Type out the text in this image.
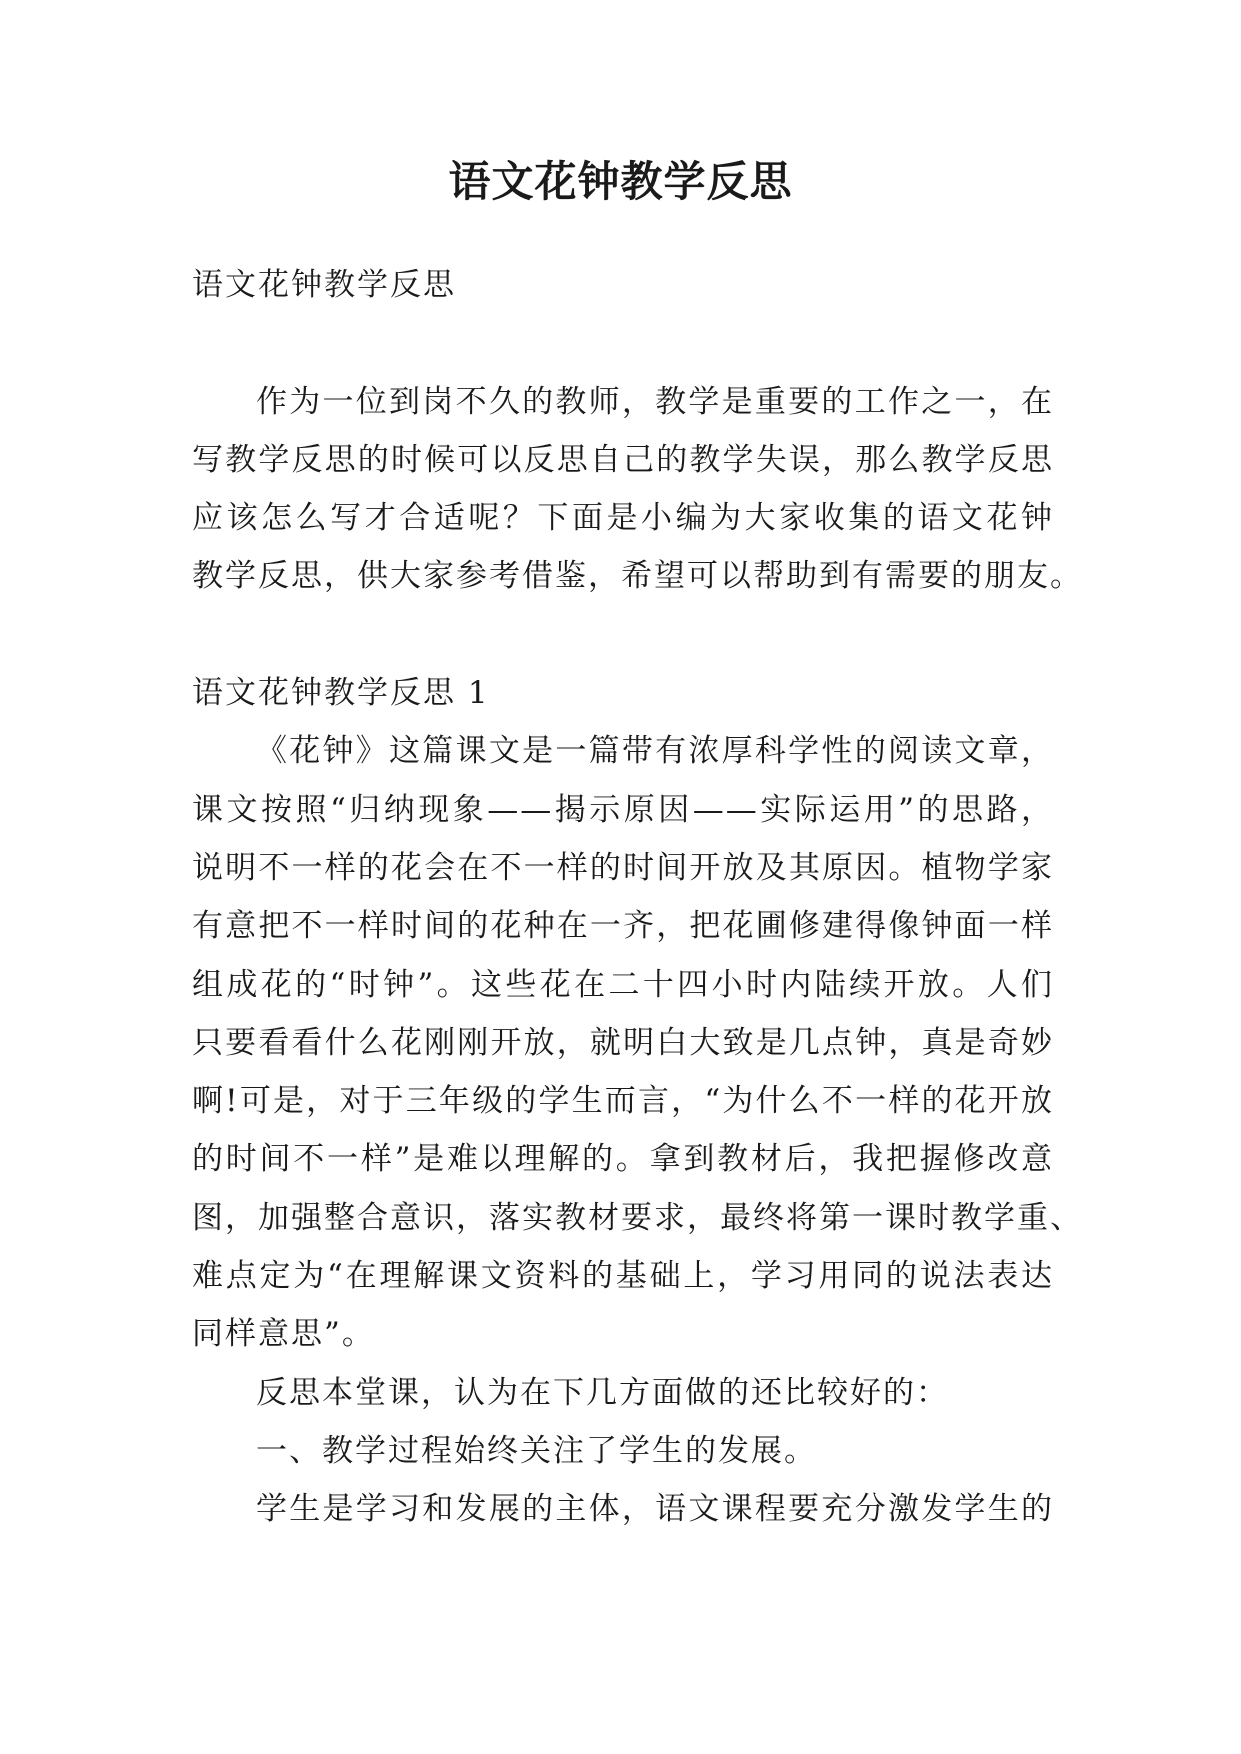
语文花钟教学反思
语文花钟教学反思
作为一位到岗不久的教师，教学是重要的工作之一，在
写教学反思的时候可以反思自己的教学失误，那么教学反思
应该怎么写才合适呢？下面是小编为大家收集的语文花钟
教学反思，供大家参考借鉴，希望可以帮助到有需要的朋友。
语文花钟教学反思 1
《花钟》这篇课文是一篇带有浓厚科学性的阅读文章，
课文按照“归纳现象——揭示原因——实际运用”的思路，
说明不一样的花会在不一样的时间开放及其原因。植物学家
有意把不一样时间的花种在一齐，把花圃修建得像钟面一样
组成花的“时钟”。这些花在二十四小时内陆续开放。人们
只要看看什么花刚刚开放，就明白大致是几点钟，真是奇妙
啊!可是，对于三年级的学生而言，“为什么不一样的花开放
的时间不一样”是难以理解的。拿到教材后，我把握修改意
图，加强整合意识，落实教材要求，最终将第一课时教学重、
难点定为“在理解课文资料的基础上，学习用同的说法表达
同样意思”。
反思本堂课，认为在下几方面做的还比较好的：
一、教学过程始终关注了学生的发展。
学生是学习和发展的主体，语文课程要充分激发学生的
